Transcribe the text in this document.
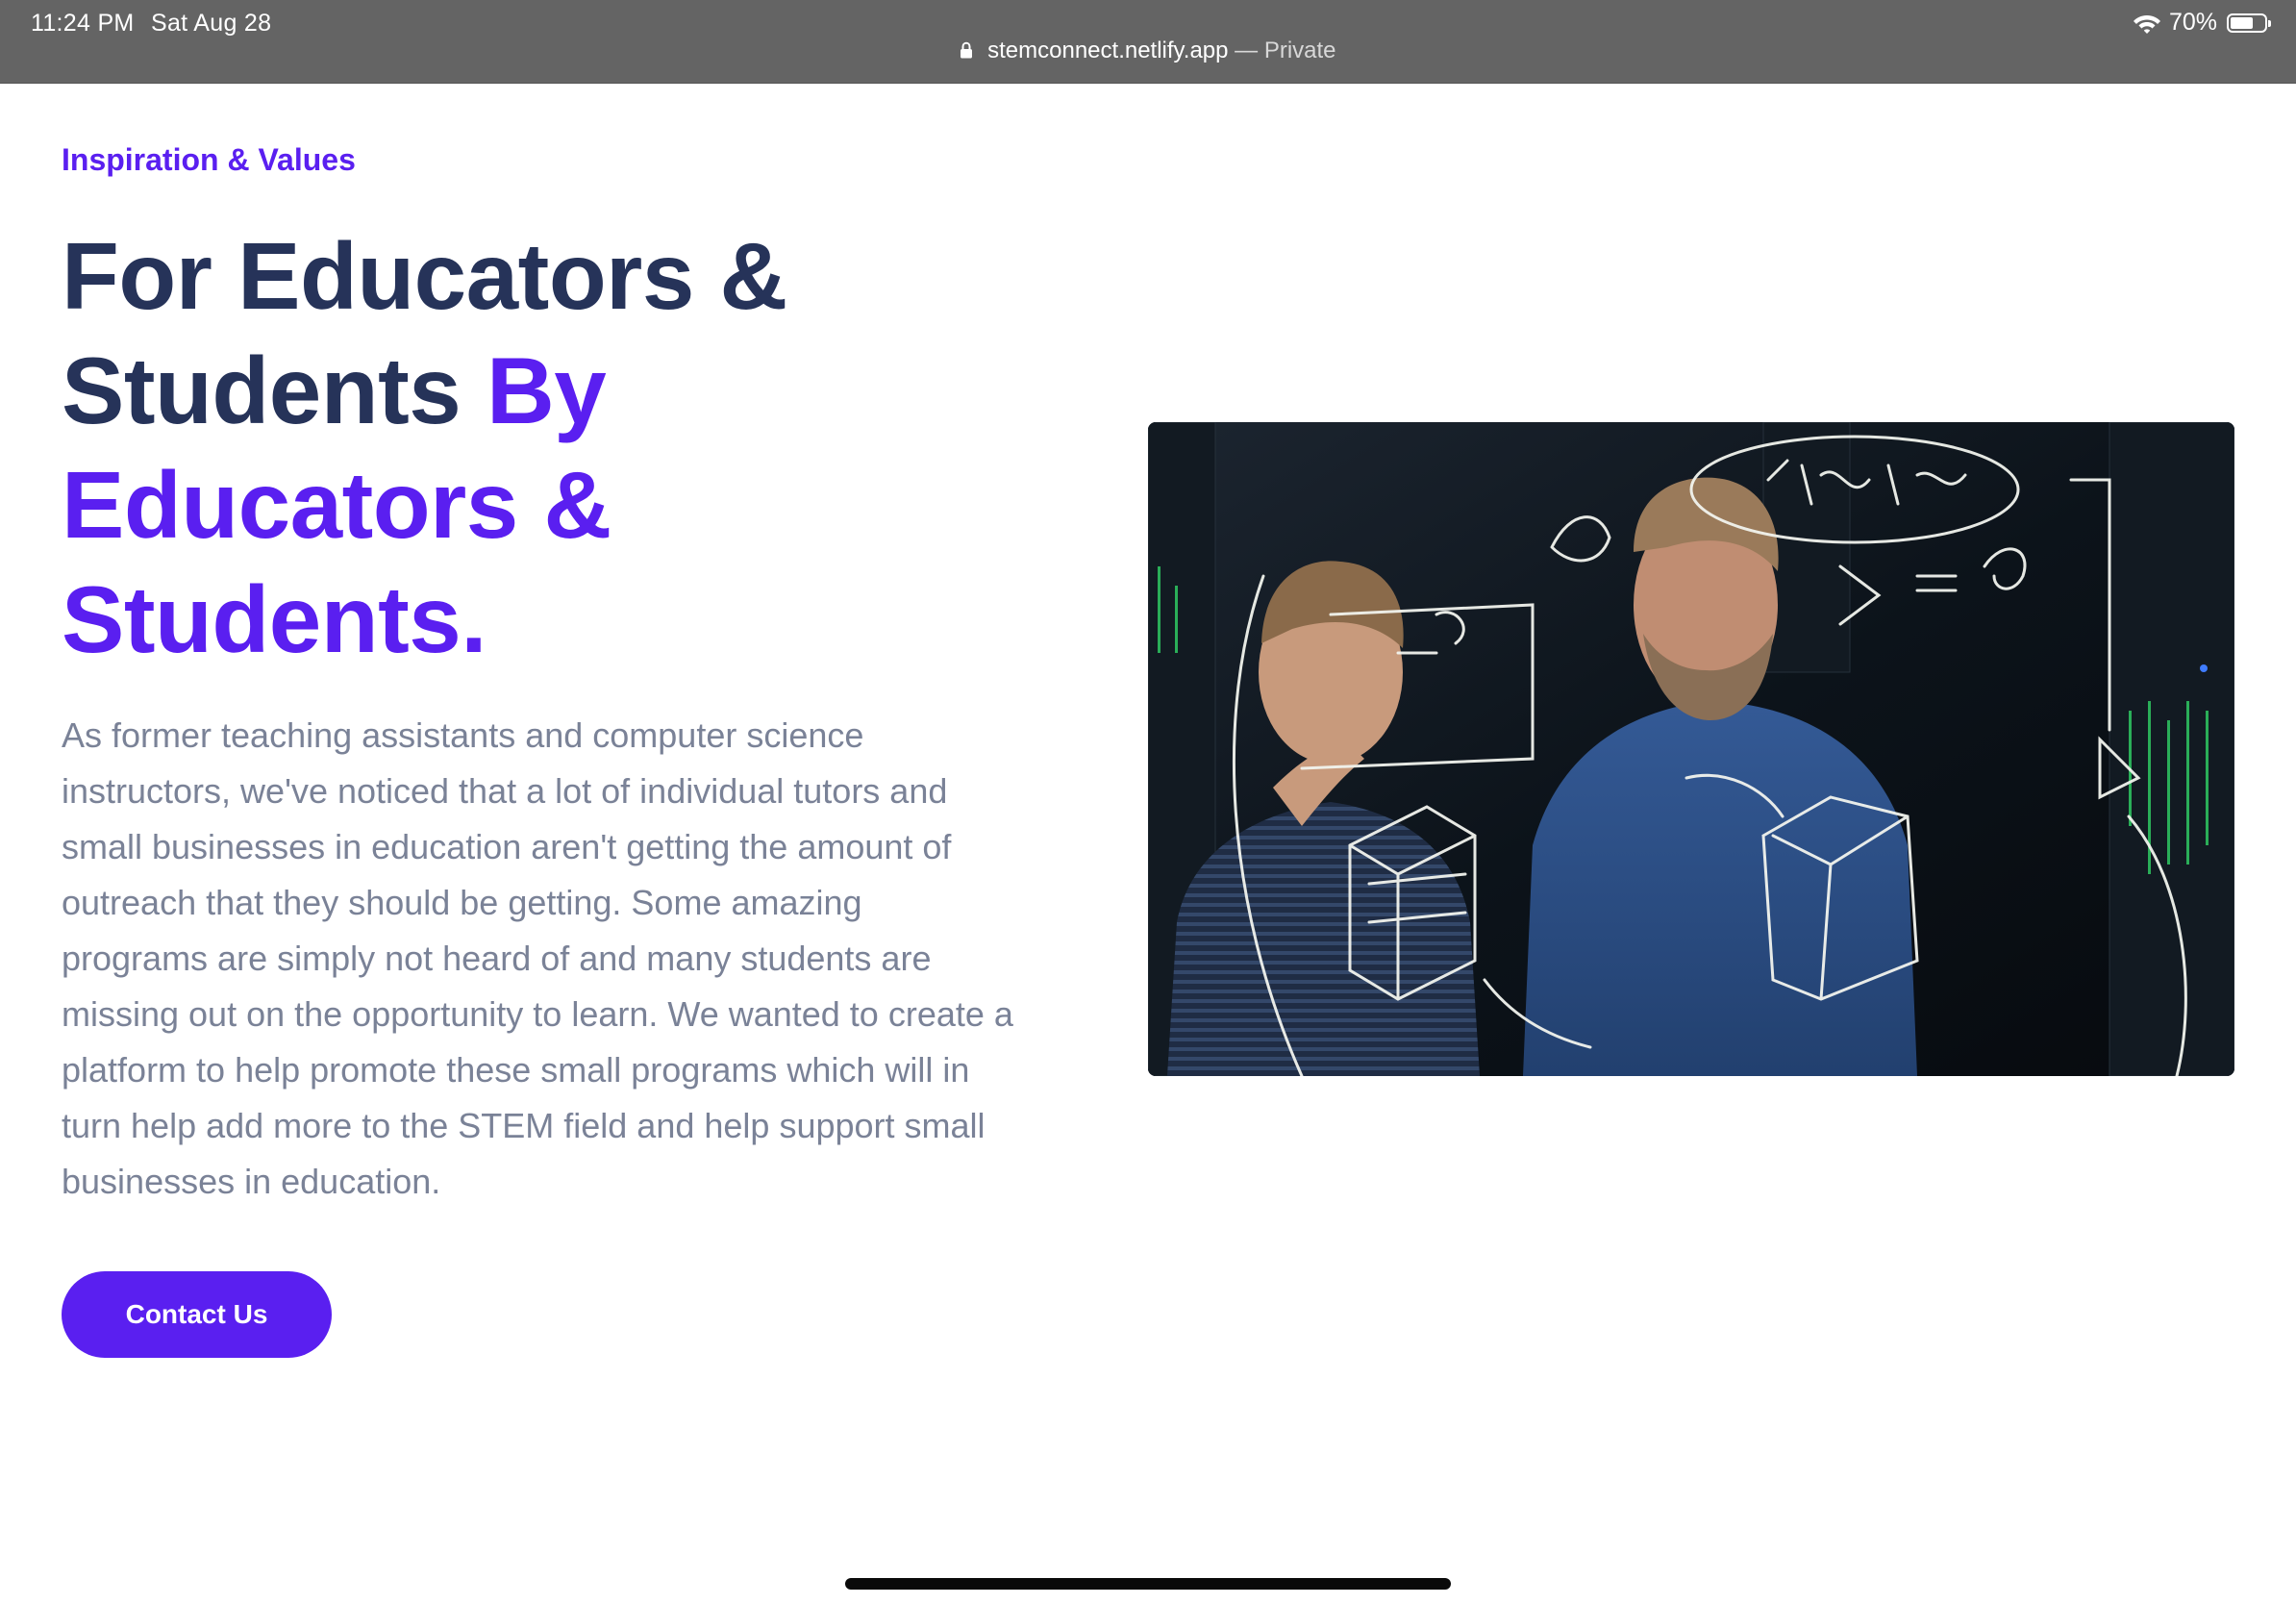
11:24 PM Sat Aug 28	70%
stemconnect.netlify.app — Private
Inspiration & Values
For Educators &
Students By
Educators &
Students.

As former teaching assistants and computer science instructors, we've noticed that a lot of individual tutors and small businesses in education aren't getting the amount of outreach that they should be getting. Some amazing programs are simply not heard of and many students are missing out on the opportunity to learn. We wanted to create a platform to help promote these small programs which will in turn help add more to the STEM field and help support small businesses in education.

Contact Us
